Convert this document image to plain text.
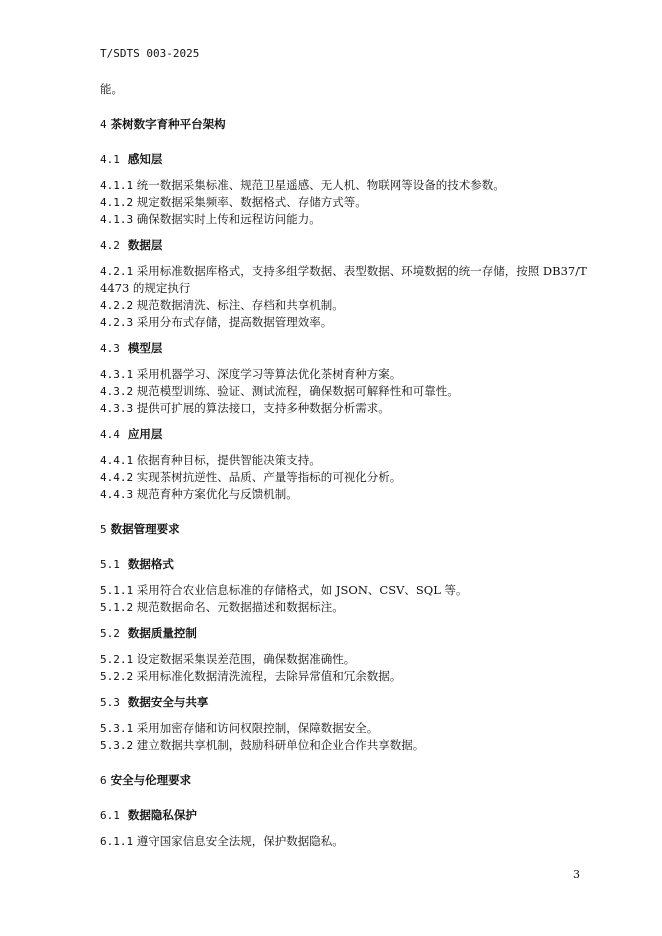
T/SDTS 003-2025
能。
4 茶树数字育种平台架构
4.1 感知层
4.1.1 统一数据采集标准、规范卫星遥感、无人机、物联网等设备的技术参数。
4.1.2 规定数据采集频率、数据格式、存储方式等。
4.1.3 确保数据实时上传和远程访问能力。
4.2 数据层
4.2.1 采用标准数据库格式，支持多组学数据、表型数据、环境数据的统一存储，按照 DB37/T 4473 的规定执行
4.2.2 规范数据清洗、标注、存档和共享机制。
4.2.3 采用分布式存储，提高数据管理效率。
4.3 模型层
4.3.1 采用机器学习、深度学习等算法优化茶树育种方案。
4.3.2 规范模型训练、验证、测试流程，确保数据可解释性和可靠性。
4.3.3 提供可扩展的算法接口，支持多种数据分析需求。
4.4 应用层
4.4.1 依据育种目标，提供智能决策支持。
4.4.2 实现茶树抗逆性、品质、产量等指标的可视化分析。
4.4.3 规范育种方案优化与反馈机制。
5 数据管理要求
5.1 数据格式
5.1.1 采用符合农业信息标准的存储格式，如 JSON、CSV、SQL 等。
5.1.2 规范数据命名、元数据描述和数据标注。
5.2 数据质量控制
5.2.1 设定数据采集误差范围，确保数据准确性。
5.2.2 采用标准化数据清洗流程，去除异常值和冗余数据。
5.3 数据安全与共享
5.3.1 采用加密存储和访问权限控制，保障数据安全。
5.3.2 建立数据共享机制，鼓励科研单位和企业合作共享数据。
6 安全与伦理要求
6.1 数据隐私保护
6.1.1 遵守国家信息安全法规，保护数据隐私。
3
